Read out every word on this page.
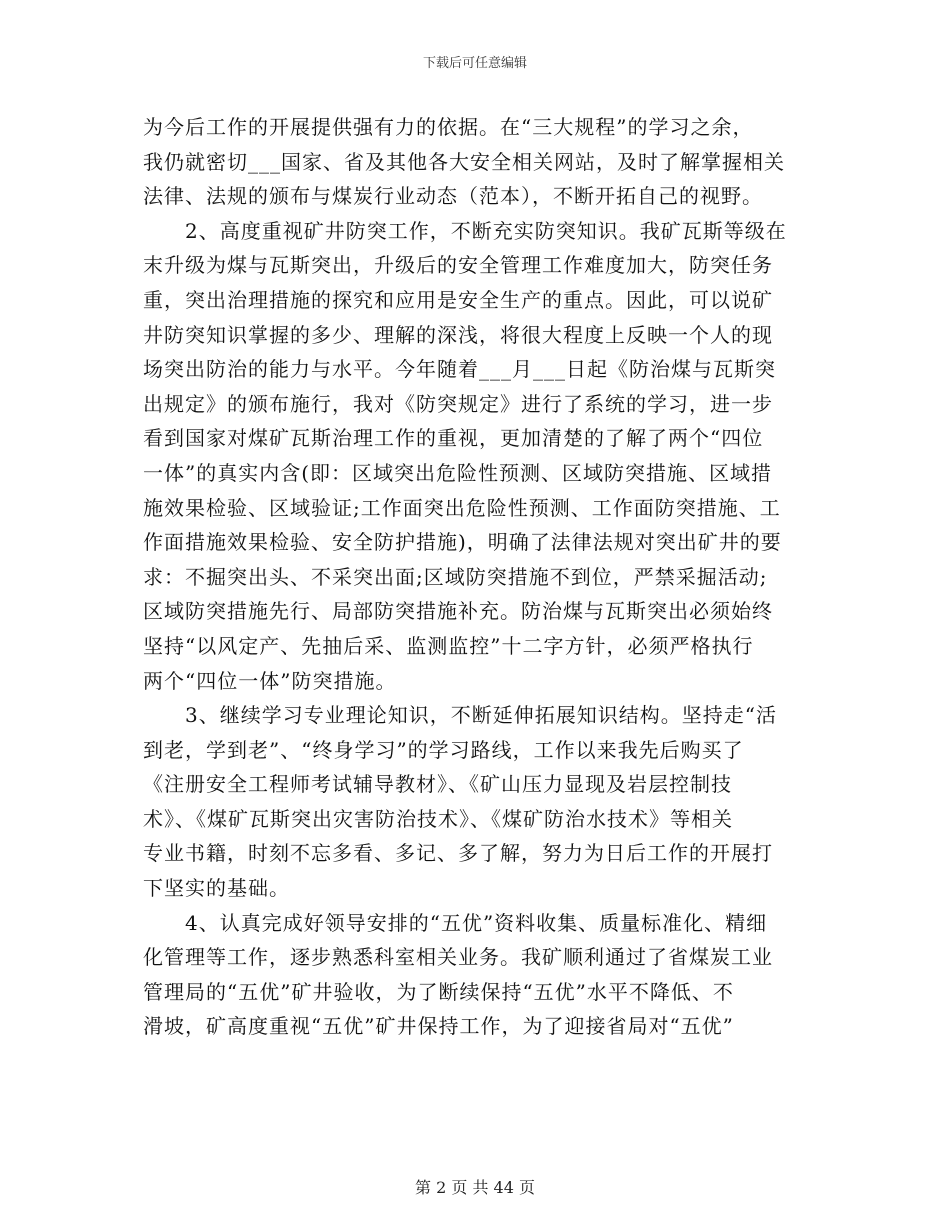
下载后可任意编辑
为今后工作的开展提供强有力的依据。在“三大规程”的学习之余，
我仍就密切___国家、省及其他各大安全相关网站，及时了解掌握相关
法律、法规的颁布与煤炭行业动态（范本），不断开拓自己的视野。
2、高度重视矿井防突工作，不断充实防突知识。我矿瓦斯等级在
末升级为煤与瓦斯突出，升级后的安全管理工作难度加大，防突任务
重，突出治理措施的探究和应用是安全生产的重点。因此，可以说矿
井防突知识掌握的多少、理解的深浅，将很大程度上反映一个人的现
场突出防治的能力与水平。今年随着___月___日起《防治煤与瓦斯突
出规定》的颁布施行，我对《防突规定》进行了系统的学习，进一步
看到国家对煤矿瓦斯治理工作的重视，更加清楚的了解了两个“四位
一体”的真实内含(即：区域突出危险性预测、区域防突措施、区域措
施效果检验、区域验证;工作面突出危险性预测、工作面防突措施、工
作面措施效果检验、安全防护措施)，明确了法律法规对突出矿井的要
求：不掘突出头、不采突出面;区域防突措施不到位，严禁采掘活动;
区域防突措施先行、局部防突措施补充。防治煤与瓦斯突出必须始终
坚持“以风定产、先抽后采、监测监控”十二字方针，必须严格执行
两个“四位一体”防突措施。
3、继续学习专业理论知识，不断延伸拓展知识结构。坚持走“活
到老，学到老”、“终身学习”的学习路线，工作以来我先后购买了
《注册安全工程师考试辅导教材》、《矿山压力显现及岩层控制技
术》、《煤矿瓦斯突出灾害防治技术》、《煤矿防治水技术》等相关
专业书籍，时刻不忘多看、多记、多了解，努力为日后工作的开展打
下坚实的基础。
4、认真完成好领导安排的“五优”资料收集、质量标准化、精细
化管理等工作，逐步熟悉科室相关业务。我矿顺利通过了省煤炭工业
管理局的“五优”矿井验收，为了断续保持“五优”水平不降低、不
滑坡，矿高度重视“五优”矿井保持工作，为了迎接省局对“五优”
第 2 页 共 44 页
